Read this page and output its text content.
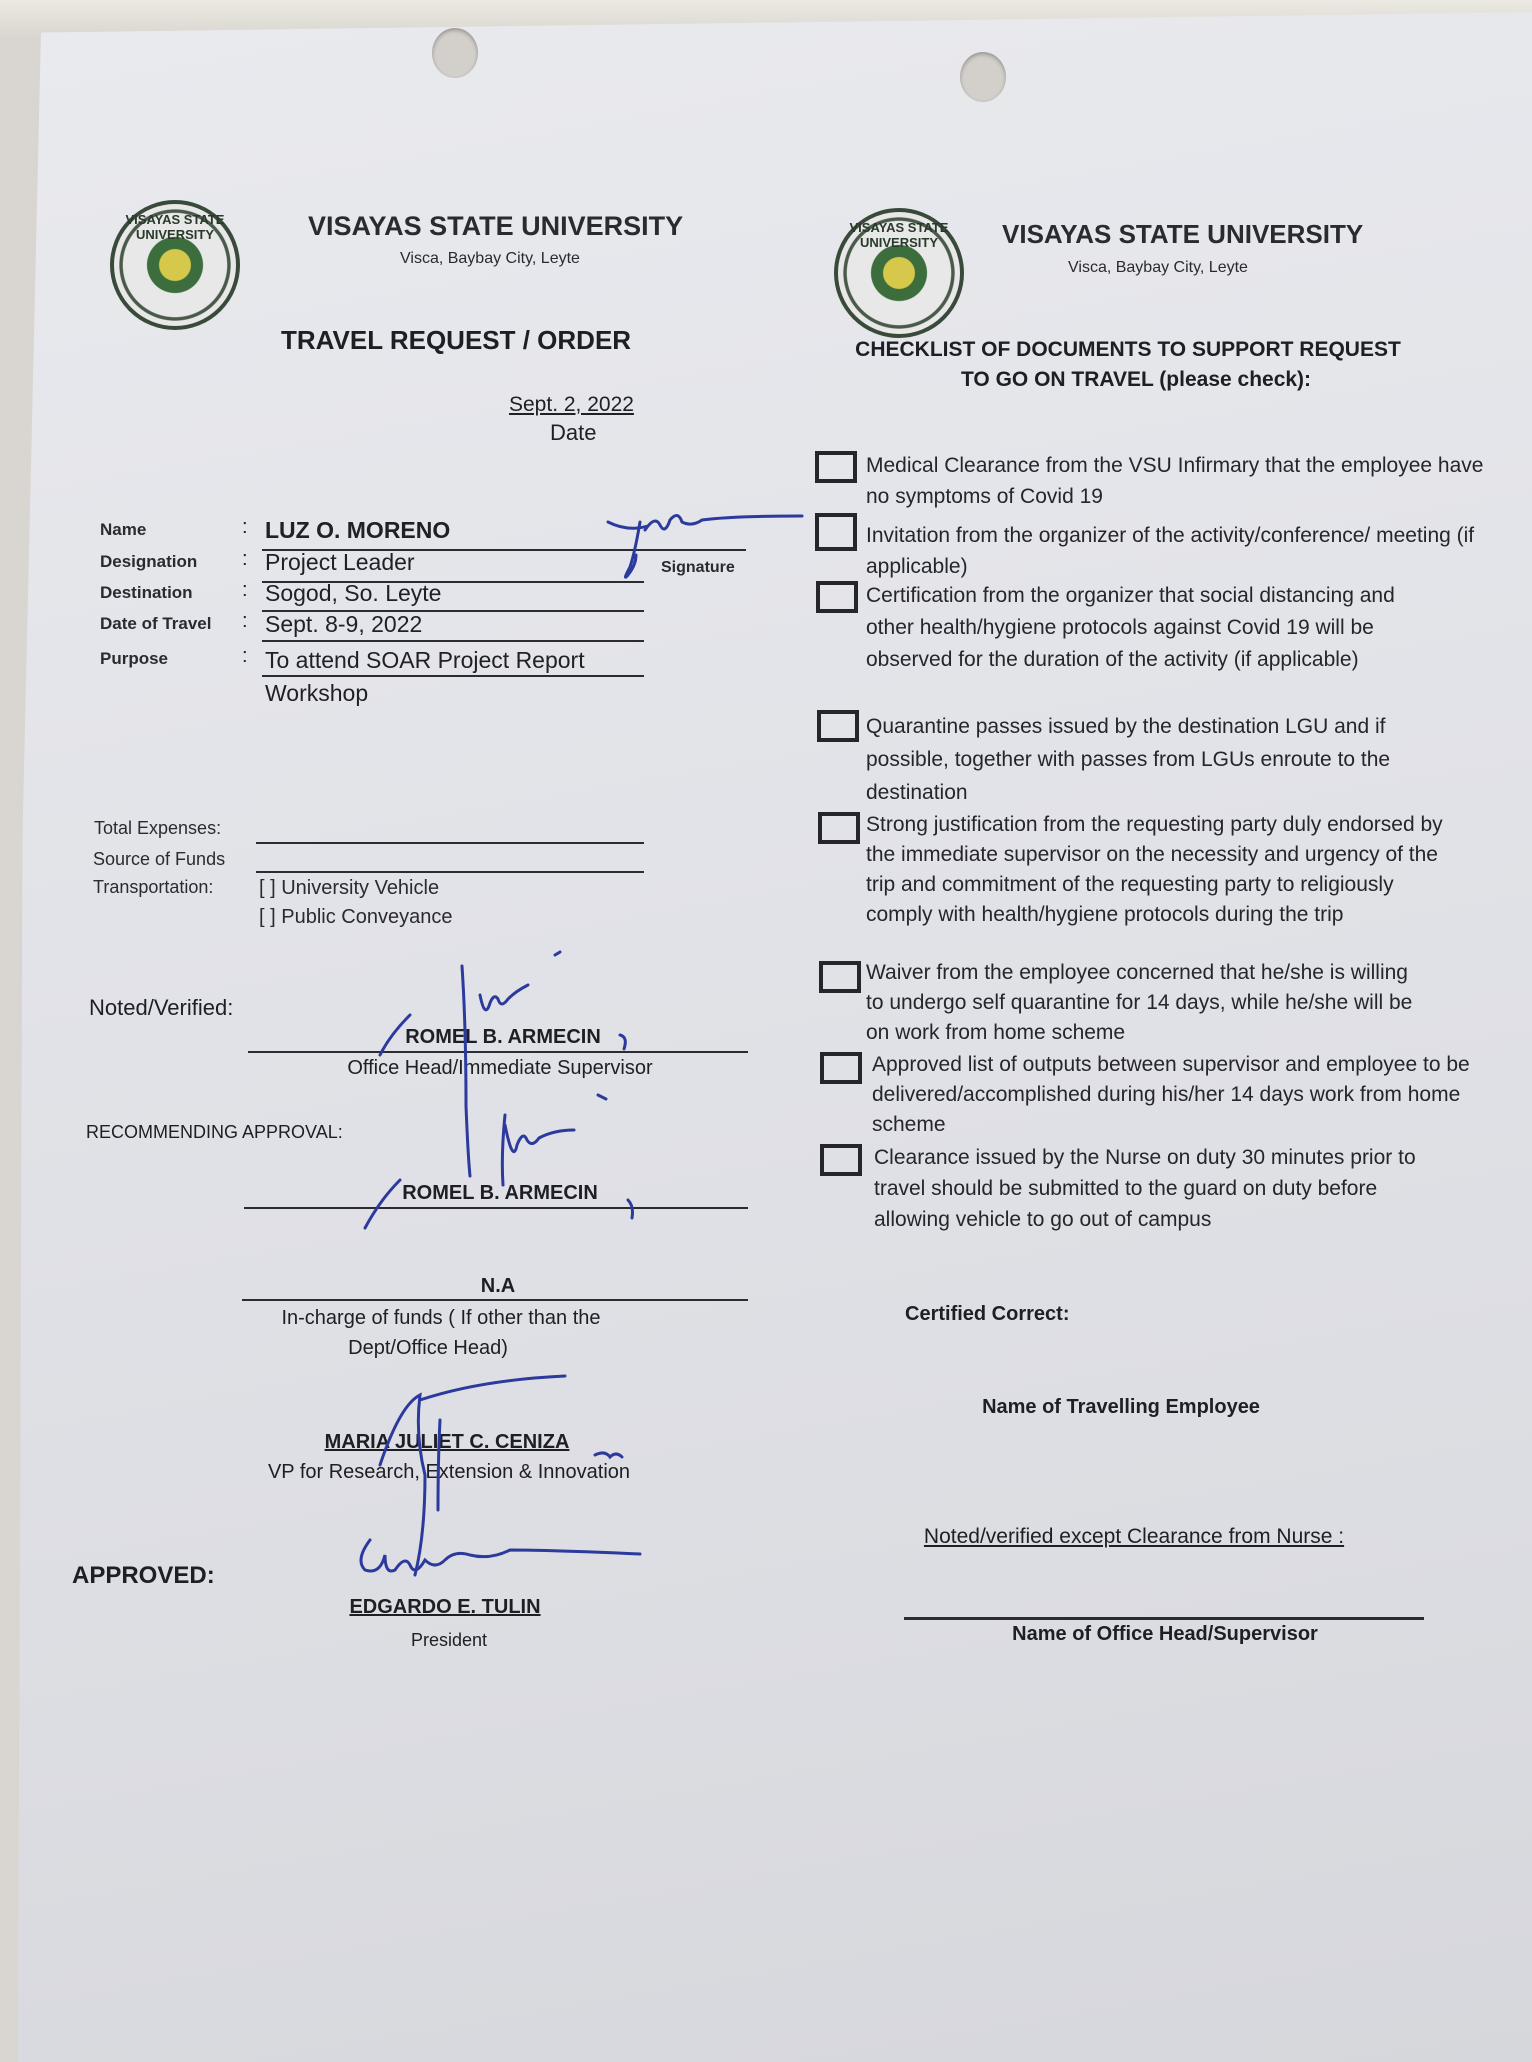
VISAYAS STATE UNIVERSITY	VISAYAS STATE UNIVERSITY
Visca, Baybay City, Leyte
TRAVEL REQUEST / ORDER
Sept. 2, 2022
Date
Name	: LUZ O. MORENO
Designation : Project Leader	Signature
Destination : Sogod, So. Leyte
Date of Travel : Sept. 8-9, 2022
Purpose	: To attend SOAR Project Report
Workshop
Total Expenses:
Source of Funds
Transportation: [ ] University Vehicle
[ ] Public Conveyance
Noted/Verified:
ROMEL B. ARMECIN
Office Head/Immediate Supervisor
RECOMMENDING APPROVAL:
ROMEL B. ARMECIN
N.A
In-charge of funds ( If other than the
Dept/Office Head)
MARIA JULIET C. CENIZA
VP for Research, Extension & Innovation
APPROVED:
EDGARDO E. TULIN
President
VISAYAS STATE UNIVERSITY	VISAYAS STATE UNIVERSITY
Visca, Baybay City, Leyte
CHECKLIST OF DOCUMENTS TO SUPPORT REQUEST
TO GO ON TRAVEL (please check):
Medical Clearance from the VSU Infirmary that the employee have no symptoms of Covid 19
Invitation from the organizer of the activity/conference/ meeting (if applicable)
Certification from the organizer that social distancing and other health/hygiene protocols against Covid 19 will be observed for the duration of the activity (if applicable)
Quarantine passes issued by the destination LGU and if possible, together with passes from LGUs enroute to the destination
Strong justification from the requesting party duly endorsed by the immediate supervisor on the necessity and urgency of the trip and commitment of the requesting party to religiously comply with health/hygiene protocols during the trip
Waiver from the employee concerned that he/she is willing to undergo self quarantine for 14 days, while he/she will be on work from home scheme
Approved list of outputs between supervisor and employee to be delivered/accomplished during his/her 14 days work from home scheme
Clearance issued by the Nurse on duty 30 minutes prior to travel should be submitted to the guard on duty before allowing vehicle to go out of campus
Certified Correct:
Name of Travelling Employee
Noted/verified except Clearance from Nurse :
Name of Office Head/Supervisor
